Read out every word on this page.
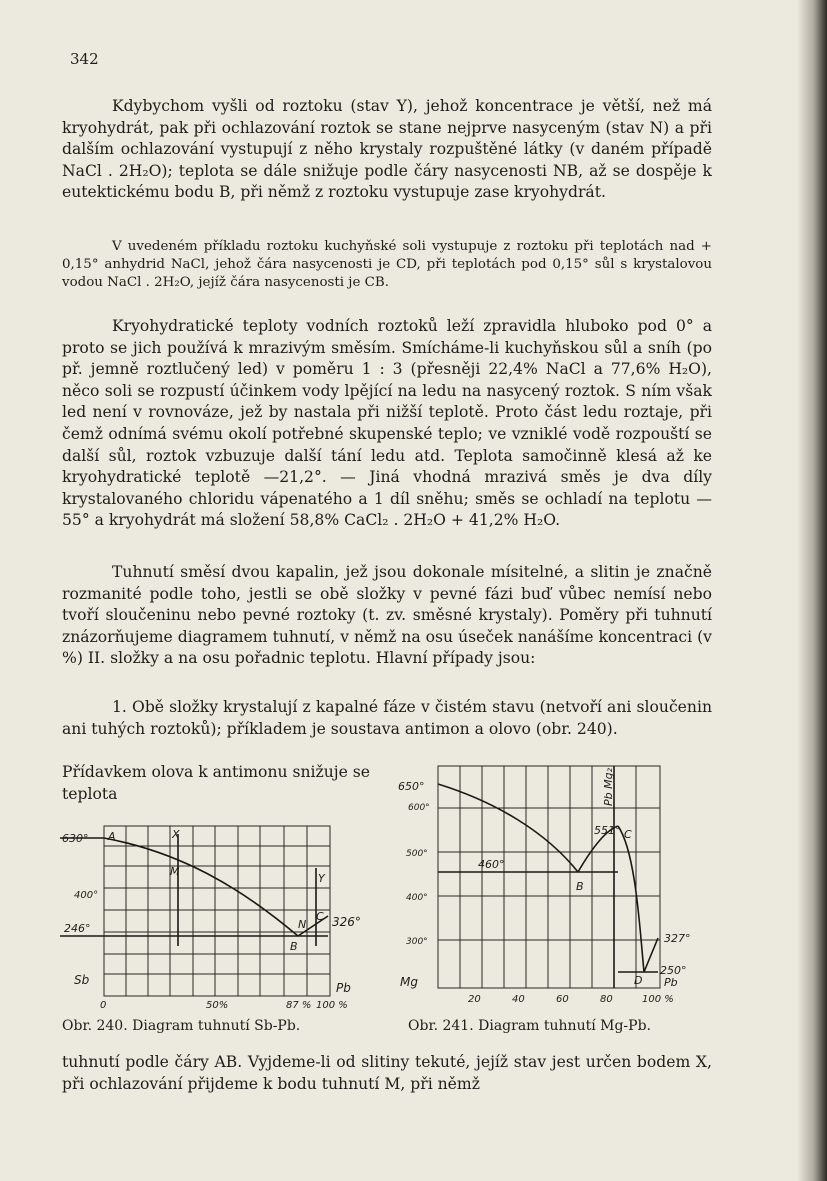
342
Kdybychom vyšli od roztoku (stav Y), jehož koncentrace je větší, než má kryohydrát, pak při ochlazování roztok se stane nejprve nasyceným (stav N) a při dalším ochlazování vystupují z něho krystaly rozpuštěné látky (v daném případě NaCl . 2H₂O); teplota se dále snižuje podle čáry nasycenosti NB, až se dospěje k eutektickému bodu B, při němž z roztoku vystupuje zase kryohydrát.
V uvedeném příkladu roztoku kuchyňské soli vystupuje z roztoku při teplotách nad + 0,15° anhydrid NaCl, jehož čára nasycenosti je CD, při teplotách pod 0,15° sůl s krystalovou vodou NaCl . 2H₂O, jejíž čára nasycenosti je CB.
Kryohydratické teploty vodních roztoků leží zpravidla hluboko pod 0° a proto se jich používá k mrazivým směsím. Smícháme-li kuchyňskou sůl a sníh (po př. jemně roztlučený led) v poměru 1 : 3 (přesněji 22,4% NaCl a 77,6% H₂O), něco soli se rozpustí účinkem vody lpějící na ledu na nasycený roztok. S ním však led není v rovnováze, jež by nastala při nižší teplotě. Proto část ledu roztaje, při čemž odnímá svému okolí potřebné skupenské teplo; ve vzniklé vodě rozpouští se další sůl, roztok vzbuzuje další tání ledu atd. Teplota samočinně klesá až ke kryohydratické teplotě —21,2°. — Jiná vhodná mrazivá směs je dva díly krystalovaného chloridu vápenatého a 1 díl sněhu; směs se ochladí na teplotu —55° a kryohydrát má složení 58,8% CaCl₂ . 2H₂O + 41,2% H₂O.
Tuhnutí směsí dvou kapalin, jež jsou dokonale mísitelné, a slitin je značně rozmanité podle toho, jestli se obě složky v pevné fázi buď vůbec nemísí nebo tvoří sloučeninu nebo pevné roztoky (t. zv. směsné krystaly). Poměry při tuhnutí znázorňujeme diagramem tuhnutí, v němž na osu úseček nanášíme koncentraci (v %) II. složky a na osu pořadnic teplotu. Hlavní případy jsou:
1. Obě složky krystalují z kapalné fáze v čistém stavu (netvoří ani sloučenin ani tuhých roztoků); příkladem je soustava antimon a olovo (obr. 240).
Přídavkem olova k antimonu snižuje se teplota
630° A	X
M
Y
400°
N
C 326°
246°
B
Sb
Pb
0	50%	87 % 100 %
Obr. 240. Diagram tuhnutí Sb-Pb.
650°
600°
500°
400°
300°
Pb Mg₂
551° C
460°
B
327°
250°
D Pb
Mg
20	40	60	80	100 %
Obr. 241. Diagram tuhnutí Mg-Pb.
tuhnutí podle čáry AB. Vyjdeme-li od slitiny tekuté, jejíž stav jest určen bodem X, při ochlazování přijdeme k bodu tuhnutí M, při němž
